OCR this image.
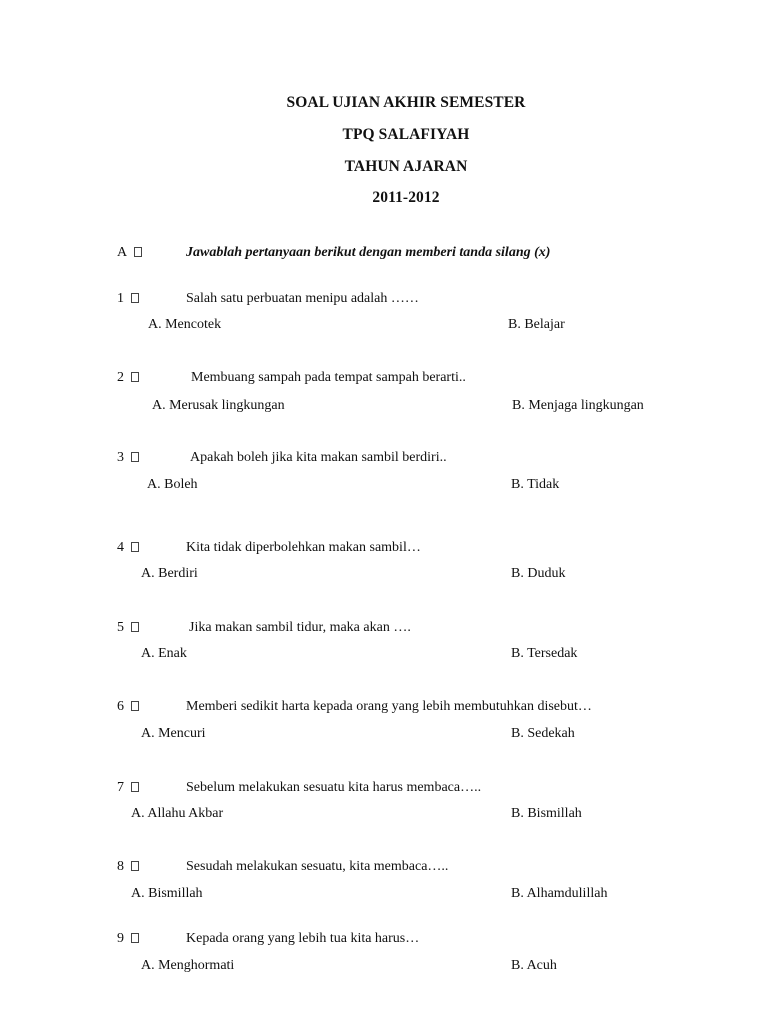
SOAL UJIAN AKHIR SEMESTER
TPQ SALAFIYAH
TAHUN AJARAN
2011-2012
A	Jawablah pertanyaan berikut dengan memberi tanda silang (x)
1	Salah satu perbuatan menipu adalah ……
A. Mencotek	B. Belajar
2	Membuang sampah pada tempat sampah berarti..
A. Merusak lingkungan	B. Menjaga lingkungan
3	Apakah boleh jika kita makan sambil berdiri..
A. Boleh	B. Tidak
4	Kita tidak diperbolehkan makan sambil…
A. Berdiri	B. Duduk
5	Jika makan sambil tidur, maka akan ….
A. Enak	B. Tersedak
6	Memberi sedikit harta kepada orang yang lebih membutuhkan disebut…
A. Mencuri	B. Sedekah
7	Sebelum melakukan sesuatu kita harus membaca…..
A. Allahu Akbar	B. Bismillah
8	Sesudah melakukan sesuatu, kita membaca…..
A. Bismillah	B. Alhamdulillah
9	Kepada orang yang lebih tua kita harus…
A. Menghormati	B. Acuh
